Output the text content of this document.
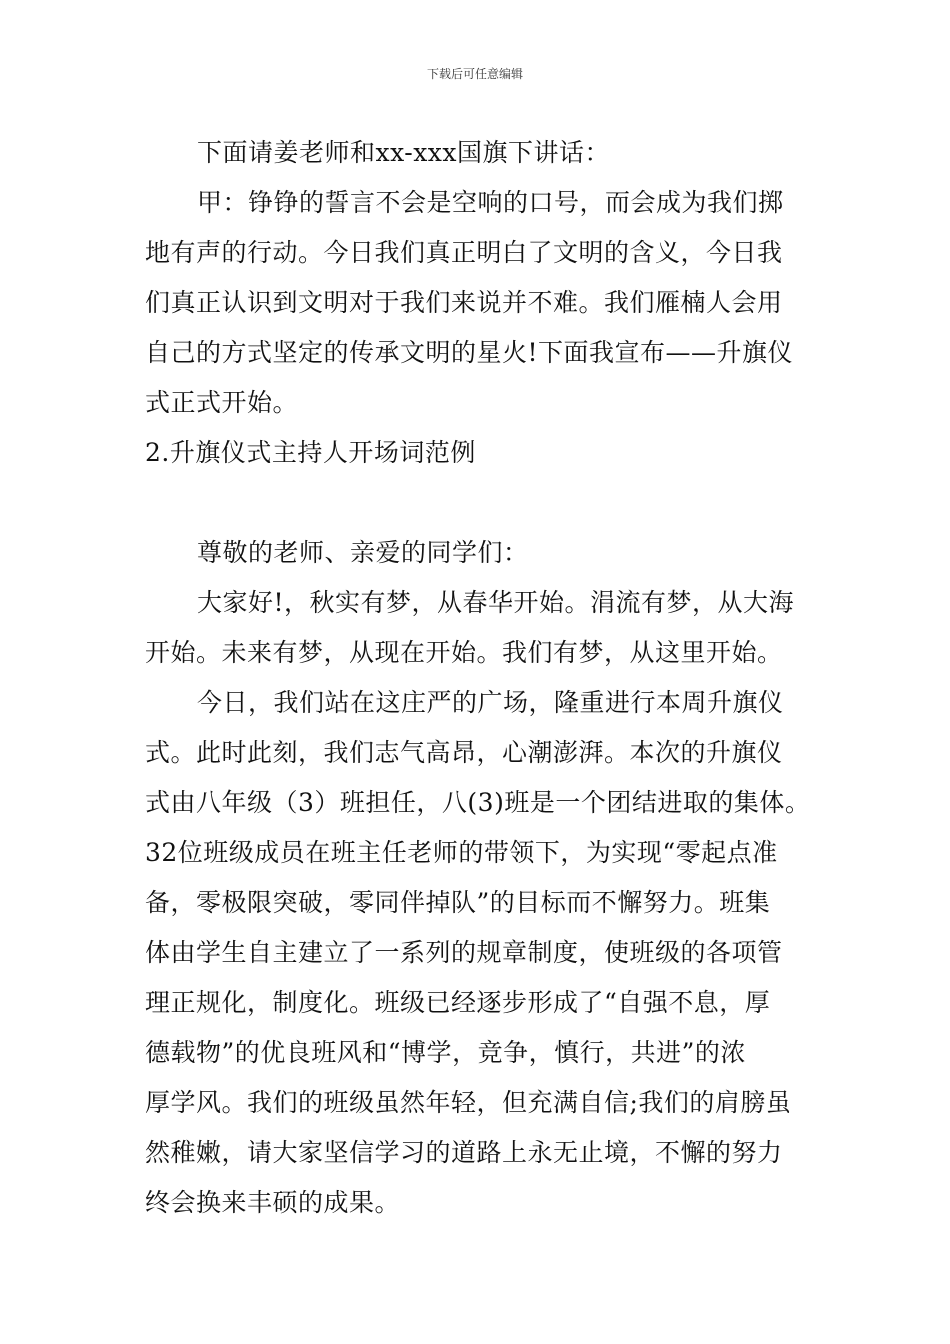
下载后可任意编辑

下面请姜老师和xx-xxx国旗下讲话：

甲：铮铮的誓言不会是空响的口号，而会成为我们掷

地有声的行动。今日我们真正明白了文明的含义，今日我

们真正认识到文明对于我们来说并不难。我们雁楠人会用

自己的方式坚定的传承文明的星火!下面我宣布——升旗仪

式正式开始。

2.升旗仪式主持人开场词范例

尊敬的老师、亲爱的同学们：

大家好!，秋实有梦，从春华开始。涓流有梦，从大海

开始。未来有梦，从现在开始。我们有梦，从这里开始。

今日，我们站在这庄严的广场，隆重进行本周升旗仪

式。此时此刻，我们志气高昂，心潮澎湃。本次的升旗仪

式由八年级（3）班担任，八(3)班是一个团结进取的集体。

32位班级成员在班主任老师的带领下，为实现“零起点准

备，零极限突破，零同伴掉队”的目标而不懈努力。班集

体由学生自主建立了一系列的规章制度，使班级的各项管

理正规化，制度化。班级已经逐步形成了“自强不息，厚

德载物”的优良班风和“博学，竞争，慎行，共进”的浓

厚学风。我们的班级虽然年轻，但充满自信;我们的肩膀虽

然稚嫩，请大家坚信学习的道路上永无止境，不懈的努力

终会换来丰硕的成果。
